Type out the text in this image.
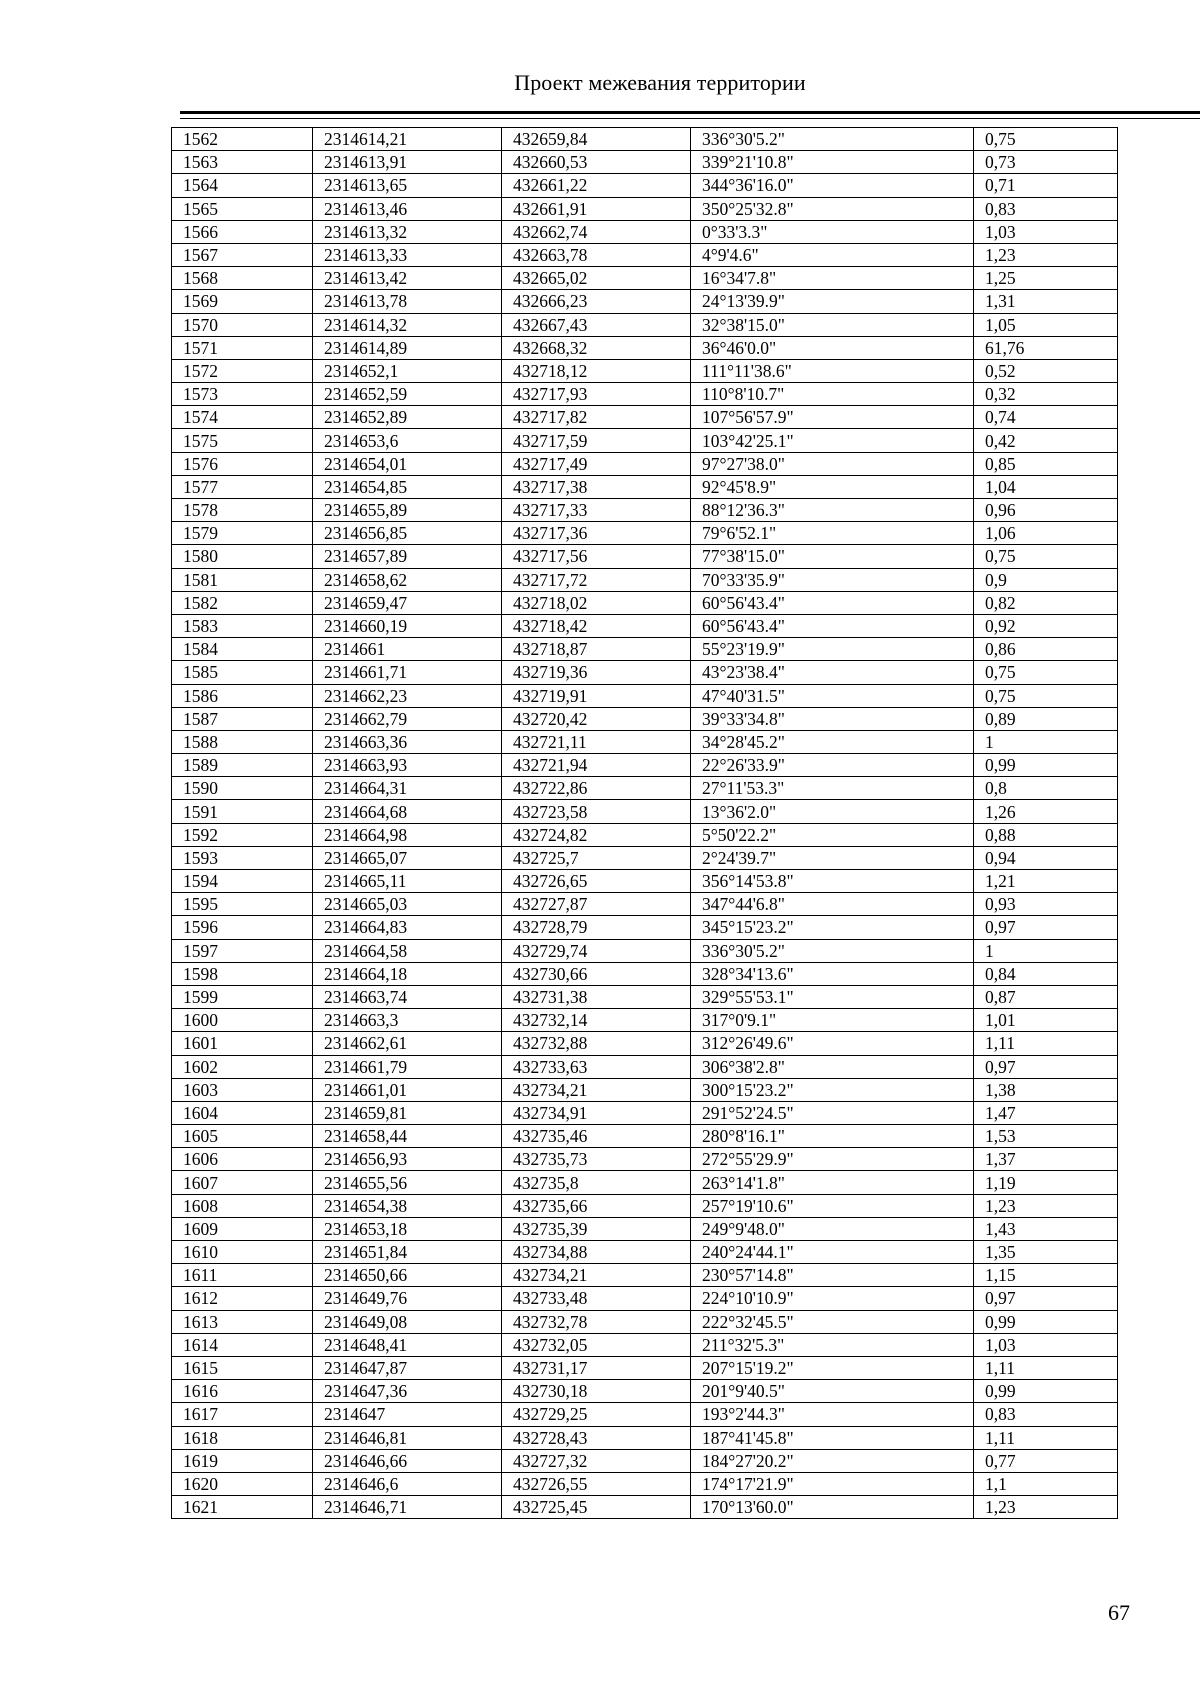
Проект межевания территории
1562	2314614,21	432659,84	336°30'5.2"	0,75
1563	2314613,91	432660,53	339°21'10.8"	0,73
1564	2314613,65	432661,22	344°36'16.0"	0,71
1565	2314613,46	432661,91	350°25'32.8"	0,83
1566	2314613,32	432662,74	0°33'3.3"	1,03
1567	2314613,33	432663,78	4°9'4.6"	1,23
1568	2314613,42	432665,02	16°34'7.8"	1,25
1569	2314613,78	432666,23	24°13'39.9"	1,31
1570	2314614,32	432667,43	32°38'15.0"	1,05
1571	2314614,89	432668,32	36°46'0.0"	61,76
1572	2314652,1	432718,12	111°11'38.6"	0,52
1573	2314652,59	432717,93	110°8'10.7"	0,32
1574	2314652,89	432717,82	107°56'57.9"	0,74
1575	2314653,6	432717,59	103°42'25.1"	0,42
1576	2314654,01	432717,49	97°27'38.0"	0,85
1577	2314654,85	432717,38	92°45'8.9"	1,04
1578	2314655,89	432717,33	88°12'36.3"	0,96
1579	2314656,85	432717,36	79°6'52.1"	1,06
1580	2314657,89	432717,56	77°38'15.0"	0,75
1581	2314658,62	432717,72	70°33'35.9"	0,9
1582	2314659,47	432718,02	60°56'43.4"	0,82
1583	2314660,19	432718,42	60°56'43.4"	0,92
1584	2314661	432718,87	55°23'19.9"	0,86
1585	2314661,71	432719,36	43°23'38.4"	0,75
1586	2314662,23	432719,91	47°40'31.5"	0,75
1587	2314662,79	432720,42	39°33'34.8"	0,89
1588	2314663,36	432721,11	34°28'45.2"	1
1589	2314663,93	432721,94	22°26'33.9"	0,99
1590	2314664,31	432722,86	27°11'53.3"	0,8
1591	2314664,68	432723,58	13°36'2.0"	1,26
1592	2314664,98	432724,82	5°50'22.2"	0,88
1593	2314665,07	432725,7	2°24'39.7"	0,94
1594	2314665,11	432726,65	356°14'53.8"	1,21
1595	2314665,03	432727,87	347°44'6.8"	0,93
1596	2314664,83	432728,79	345°15'23.2"	0,97
1597	2314664,58	432729,74	336°30'5.2"	1
1598	2314664,18	432730,66	328°34'13.6"	0,84
1599	2314663,74	432731,38	329°55'53.1"	0,87
1600	2314663,3	432732,14	317°0'9.1"	1,01
1601	2314662,61	432732,88	312°26'49.6"	1,11
1602	2314661,79	432733,63	306°38'2.8"	0,97
1603	2314661,01	432734,21	300°15'23.2"	1,38
1604	2314659,81	432734,91	291°52'24.5"	1,47
1605	2314658,44	432735,46	280°8'16.1"	1,53
1606	2314656,93	432735,73	272°55'29.9"	1,37
1607	2314655,56	432735,8	263°14'1.8"	1,19
1608	2314654,38	432735,66	257°19'10.6"	1,23
1609	2314653,18	432735,39	249°9'48.0"	1,43
1610	2314651,84	432734,88	240°24'44.1"	1,35
1611	2314650,66	432734,21	230°57'14.8"	1,15
1612	2314649,76	432733,48	224°10'10.9"	0,97
1613	2314649,08	432732,78	222°32'45.5"	0,99
1614	2314648,41	432732,05	211°32'5.3"	1,03
1615	2314647,87	432731,17	207°15'19.2"	1,11
1616	2314647,36	432730,18	201°9'40.5"	0,99
1617	2314647	432729,25	193°2'44.3"	0,83
1618	2314646,81	432728,43	187°41'45.8"	1,11
1619	2314646,66	432727,32	184°27'20.2"	0,77
1620	2314646,6	432726,55	174°17'21.9"	1,1
1621	2314646,71	432725,45	170°13'60.0"	1,23
67
